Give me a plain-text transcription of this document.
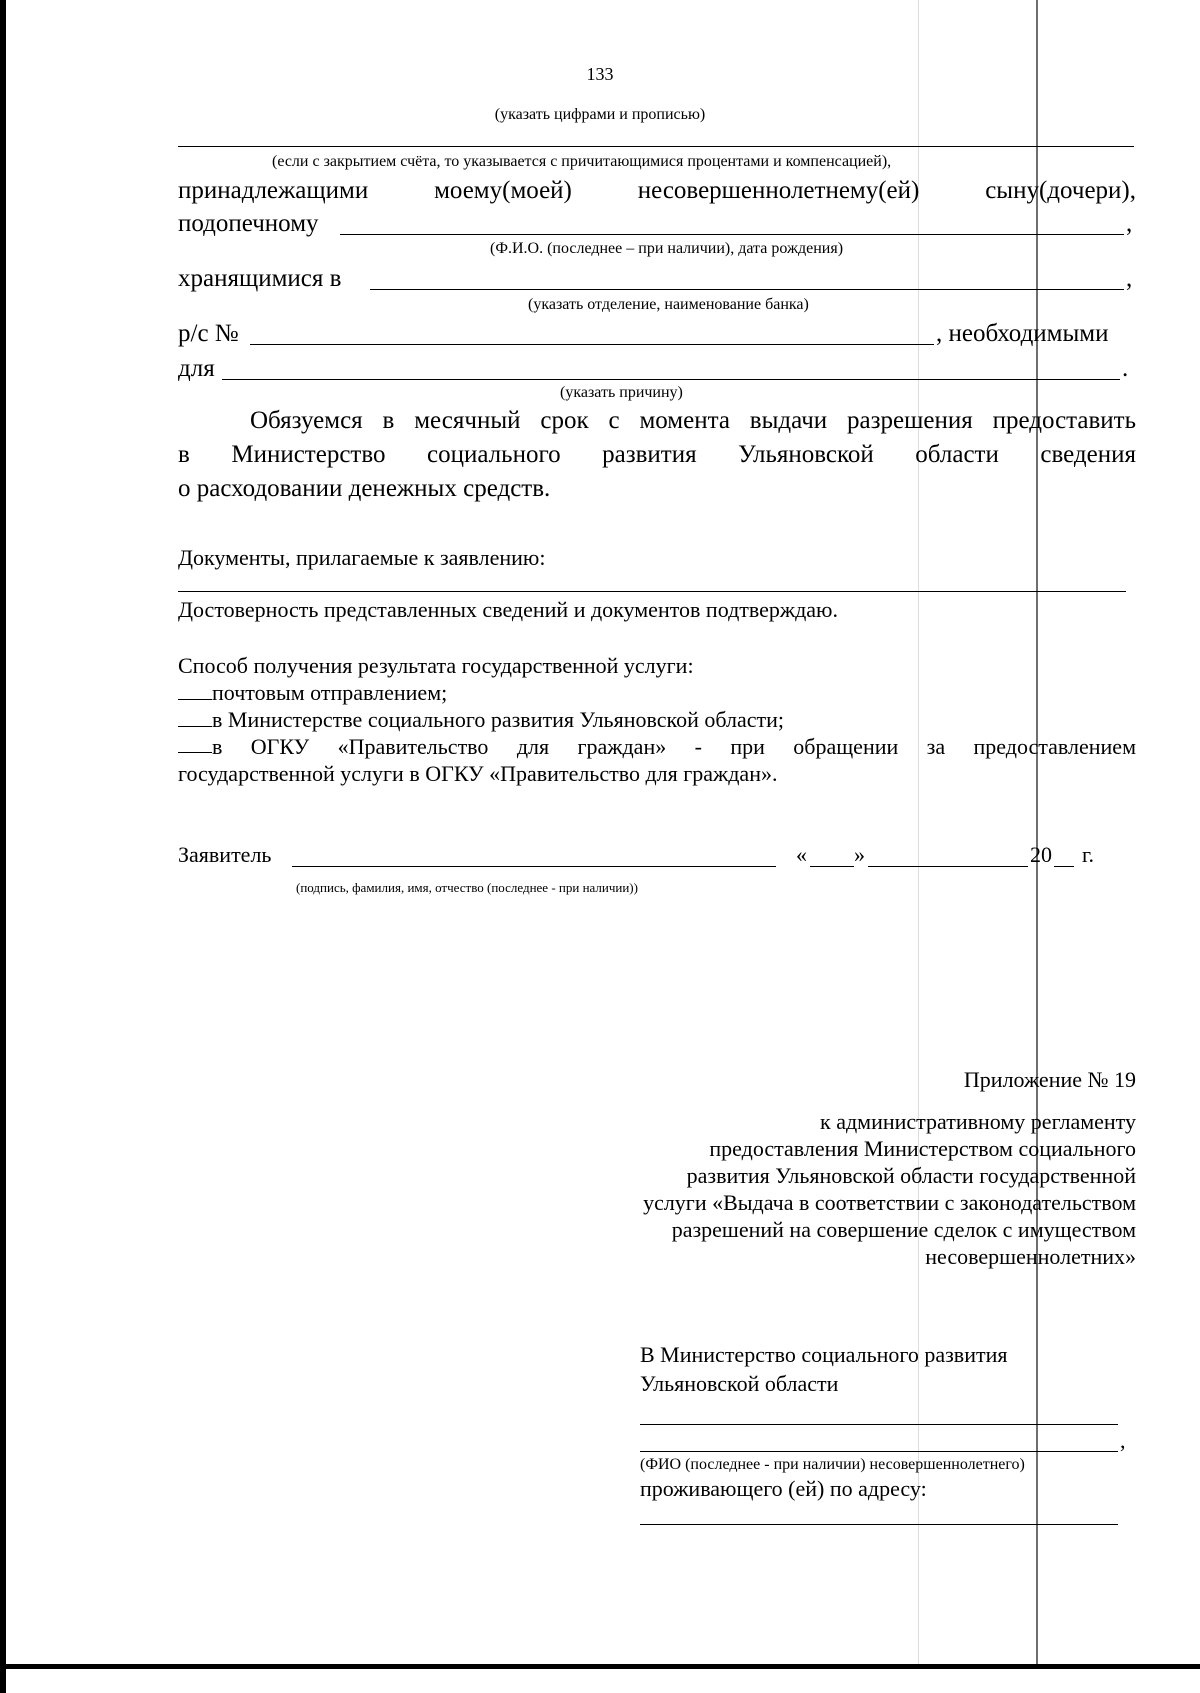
133
(указать цифрами и прописью)
(если с закрытием счёта, то указывается с причитающимися процентами и компенсацией),
принадлежащими	моему(моей)	несовершеннолетнему(ей)	сыну(дочери),
подопечному	,
(Ф.И.О. (последнее – при наличии), дата рождения)
хранящимися в	,
(указать отделение, наименование банка)
р/с №	, необходимыми
для	.
(указать причину)
Обязуемся в месячный срок с момента выдачи разрешения предоставить
в Министерство социального развития Ульяновской области сведения
о расходовании денежных средств.
Документы, прилагаемые к заявлению:
Достоверность представленных сведений и документов подтверждаю.
Способ получения результата государственной услуги:
почтовым отправлением;
в Министерстве социального развития Ульяновской области;
в ОГКУ «Правительство для граждан» - при обращении за предоставлением
государственной услуги в ОГКУ «Правительство для граждан».
Заявитель	« »	20 г.
(подпись, фамилия, имя, отчество (последнее - при наличии))
Приложение № 19
к административному регламенту
предоставления Министерством социального
развития Ульяновской области государственной
услуги «Выдача в соответствии с законодательством
разрешений на совершение сделок с имуществом
несовершеннолетних»
В Министерство социального развития
Ульяновской области
,
(ФИО (последнее - при наличии) несовершеннолетнего)
проживающего (ей) по адресу:
